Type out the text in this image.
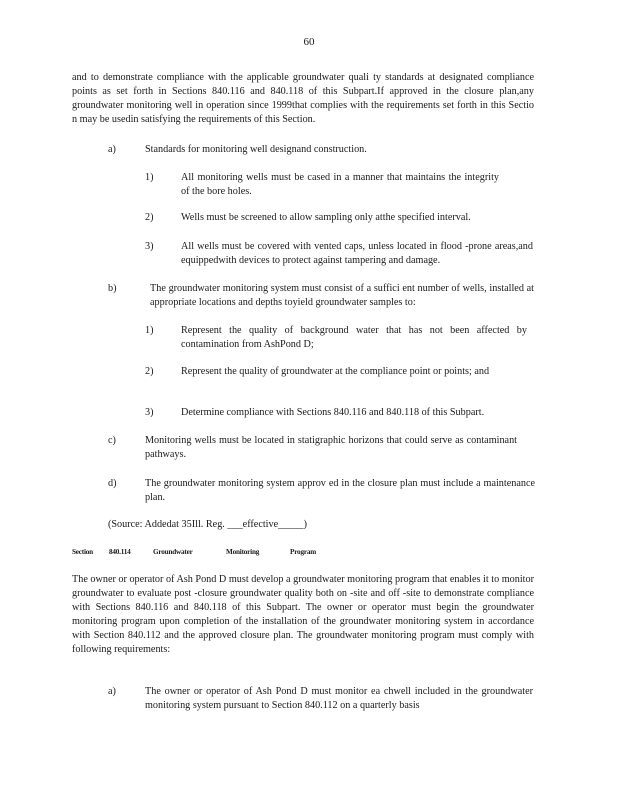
60

and to demonstrate compliance with the applicable groundwater quali ty standards at designated compliance points as set forth in Sections 840.116 and 840.118 of this Subpart.If approved in the closure plan,any groundwater monitoring well in operation since 1999that complies with the requirements set forth in this Sectio n may be usedin satisfying the requirements of this Section.

a)	Standards for monitoring well designand construction.

1)	All monitoring wells must be cased in a manner that maintains the integrity of the bore holes.

2)	Wells must be screened to allow sampling only atthe specified interval.

3)	All wells must be covered with vented caps, unless located in flood -prone areas,and equippedwith devices to protect against tampering and damage.

b)	The groundwater monitoring system must consist of a suffici ent number of wells, installed at appropriate locations and depths toyield groundwater samples to:

1)	Represent the quality of background water that has not been affected by contamination from AshPond D;

2)	Represent the quality of groundwater at the compliance point or points; and

3)	Determine compliance with Sections 840.116 and 840.118 of this Subpart.

c)	Monitoring wells must be located in statigraphic horizons that could serve as contaminant pathways.

d)	The groundwater monitoring system approv ed in the closure plan must include a maintenance plan.

(Source: Addedat 35Ill. Reg. ___effective_____)

Section 840.114	Groundwater	Monitoring	Program

The owner or operator of Ash Pond D must develop a groundwater monitoring program that enables it to monitor groundwater to evaluate post -closure groundwater quality both on -site and off -site to demonstrate compliance with Sections 840.116 and 840.118 of this Subpart. The owner or operator must begin the groundwater monitoring program upon completion of the installation of the groundwater monitoring system in accordance with Section 840.112 and the approved closure plan. The groundwater monitoring program must comply with following requirements:

a)	The owner or operator of Ash Pond D must monitor ea chwell included in the groundwater monitoring system pursuant to Section 840.112 on a quarterly basis
